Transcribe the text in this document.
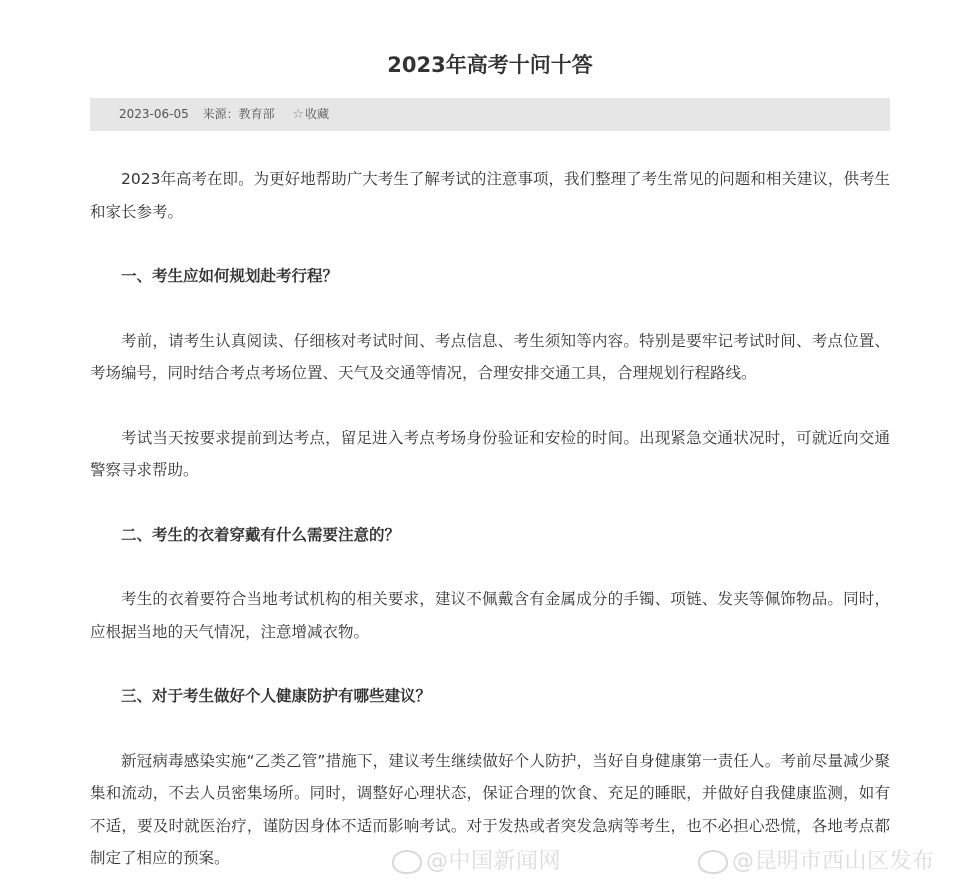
2023年高考十问十答
2023-06-05 来源：教育部 ☆收藏

2023年高考在即。为更好地帮助广大考生了解考试的注意事项，我们整理了考生常见的问题和相关建议，供考生和家长参考。

一、考生应如何规划赴考行程？

考前，请考生认真阅读、仔细核对考试时间、考点信息、考生须知等内容。特别是要牢记考试时间、考点位置、考场编号，同时结合考点考场位置、天气及交通等情况，合理安排交通工具，合理规划行程路线。

考试当天按要求提前到达考点，留足进入考点考场身份验证和安检的时间。出现紧急交通状况时，可就近向交通警察寻求帮助。

二、考生的衣着穿戴有什么需要注意的？

考生的衣着要符合当地考试机构的相关要求，建议不佩戴含有金属成分的手镯、项链、发夹等佩饰物品。同时，应根据当地的天气情况，注意增减衣物。

三、对于考生做好个人健康防护有哪些建议？

新冠病毒感染实施“乙类乙管”措施下，建议考生继续做好个人防护，当好自身健康第一责任人。考前尽量减少聚集和流动，不去人员密集场所。同时，调整好心理状态，保证合理的饮食、充足的睡眠，并做好自我健康监测，如有不适，要及时就医治疗，谨防因身体不适而影响考试。对于发热或者突发急病等考生，也不必担心恐慌，各地考点都制定了相应的预案。	@中国新闻网	@昆明市西山区发布
